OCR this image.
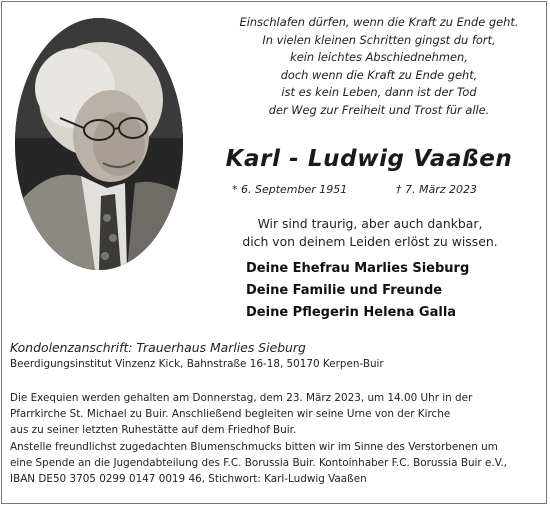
Einschlafen dürfen, wenn die Kraft zu Ende geht.
In vielen kleinen Schritten gingst du fort,
kein leichtes Abschiednehmen,
doch wenn die Kraft zu Ende geht,
ist es kein Leben, dann ist der Tod
der Weg zur Freiheit und Trost für alle.
Karl - Ludwig Vaaßen
* 6. September 1951	† 7. März 2023
Wir sind traurig, aber auch dankbar,
dich von deinem Leiden erlöst zu wissen.
Deine Ehefrau Marlies Sieburg
Deine Familie und Freunde
Deine Pflegerin Helena Galla
Kondolenzanschrift: Trauerhaus Marlies Sieburg
Beerdigungsinstitut Vinzenz Kick, Bahnstraße 16-18, 50170 Kerpen-Buir
Die Exequien werden gehalten am Donnerstag, dem 23. März 2023, um 14.00 Uhr in der
Pfarrkirche St. Michael zu Buir. Anschließend begleiten wir seine Urne von der Kirche
aus zu seiner letzten Ruhestätte auf dem Friedhof Buir.
Anstelle freundlichst zugedachten Blumenschmucks bitten wir im Sinne des Verstorbenen um
eine Spende an die Jugendabteilung des F.C. Borussia Buir. Kontoinhaber F.C. Borussia Buir e.V.,
IBAN DE50 3705 0299 0147 0019 46, Stichwort: Karl-Ludwig Vaaßen
